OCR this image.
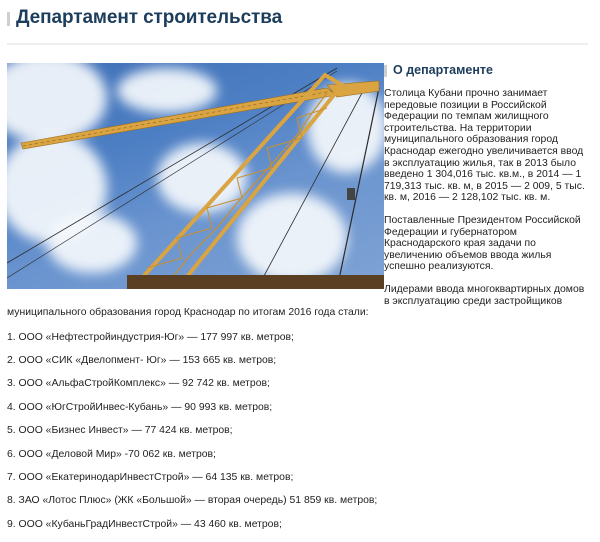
Департамент строительства
О департаменте

Столица Кубани прочно занимает передовые позиции в Российской Федерации по темпам жилищного строительства. На территории муниципального образования город Краснодар ежегодно увеличивается ввод в эксплуатацию жилья, так в 2013 было введено 1 304,016 тыс. кв.м., в 2014 — 1 719,313 тыс. кв. м, в 2015 — 2 009, 5 тыс. кв. м, 2016 — 2 128,102 тыс. кв. м.

Поставленные Президентом Российской Федерации и губернатором Краснодарского края задачи по увеличению объемов ввода жилья успешно реализуются.

Лидерами ввода многоквартирных домов в эксплуатацию среди застройщиков

муниципального образования город Краснодар по итогам 2016 года стали:

1. ООО «Нефтестройиндустрия-Юг» — 177 997 кв. метров;
2. ООО «СИК «Двелопмент- Юг» — 153 665 кв. метров;
3. ООО «АльфаСтройКомплекс» — 92 742 кв. метров;
4. ООО «ЮгСтройИнвес-Кубань» — 90 993 кв. метров;
5. ООО «Бизнес Инвест» — 77 424 кв. метров;
6. ООО «Деловой Мир» -70 062 кв. метров;
7. ООО «ЕкатеринодарИнвестСтрой» — 64 135 кв. метров;
8. ЗАО «Лотос Плюс» (ЖК «Большой» — вторая очередь) 51 859 кв. метров;
9. ООО «КубаньГрадИнвестСтрой» — 43 460 кв. метров;
